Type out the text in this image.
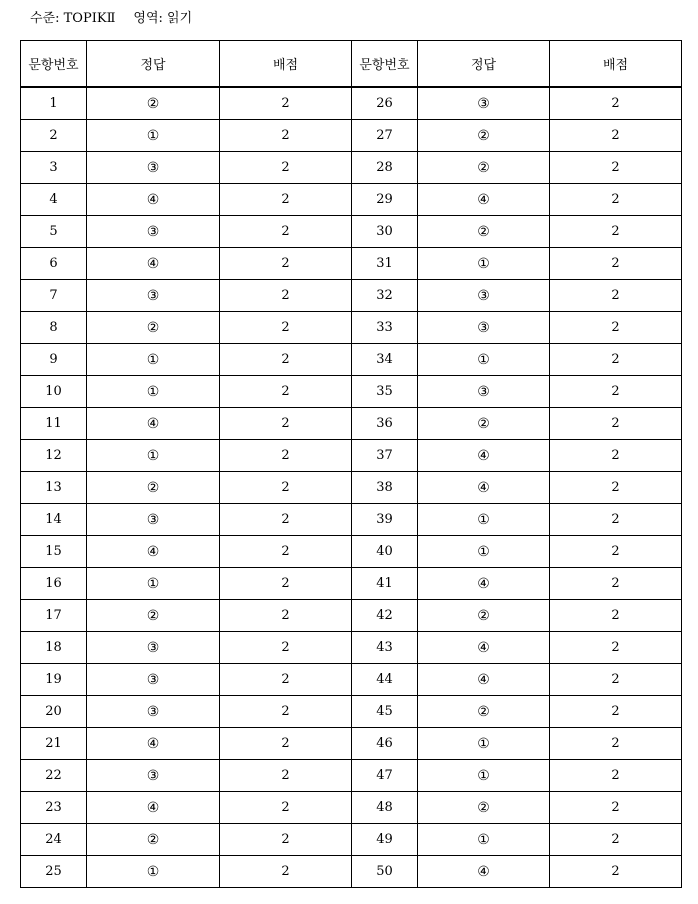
수준: TOPIKⅡ 영역: 읽기
문항번호	정답	배점	문항번호	정답	배점
1	②	2	26	③	2
2	①	2	27	②	2
3	③	2	28	②	2
4	④	2	29	④	2
5	③	2	30	②	2
6	④	2	31	①	2
7	③	2	32	③	2
8	②	2	33	③	2
9	①	2	34	①	2
10	①	2	35	③	2
11	④	2	36	②	2
12	①	2	37	④	2
13	②	2	38	④	2
14	③	2	39	①	2
15	④	2	40	①	2
16	①	2	41	④	2
17	②	2	42	②	2
18	③	2	43	④	2
19	③	2	44	④	2
20	③	2	45	②	2
21	④	2	46	①	2
22	③	2	47	①	2
23	④	2	48	②	2
24	②	2	49	①	2
25	①	2	50	④	2
